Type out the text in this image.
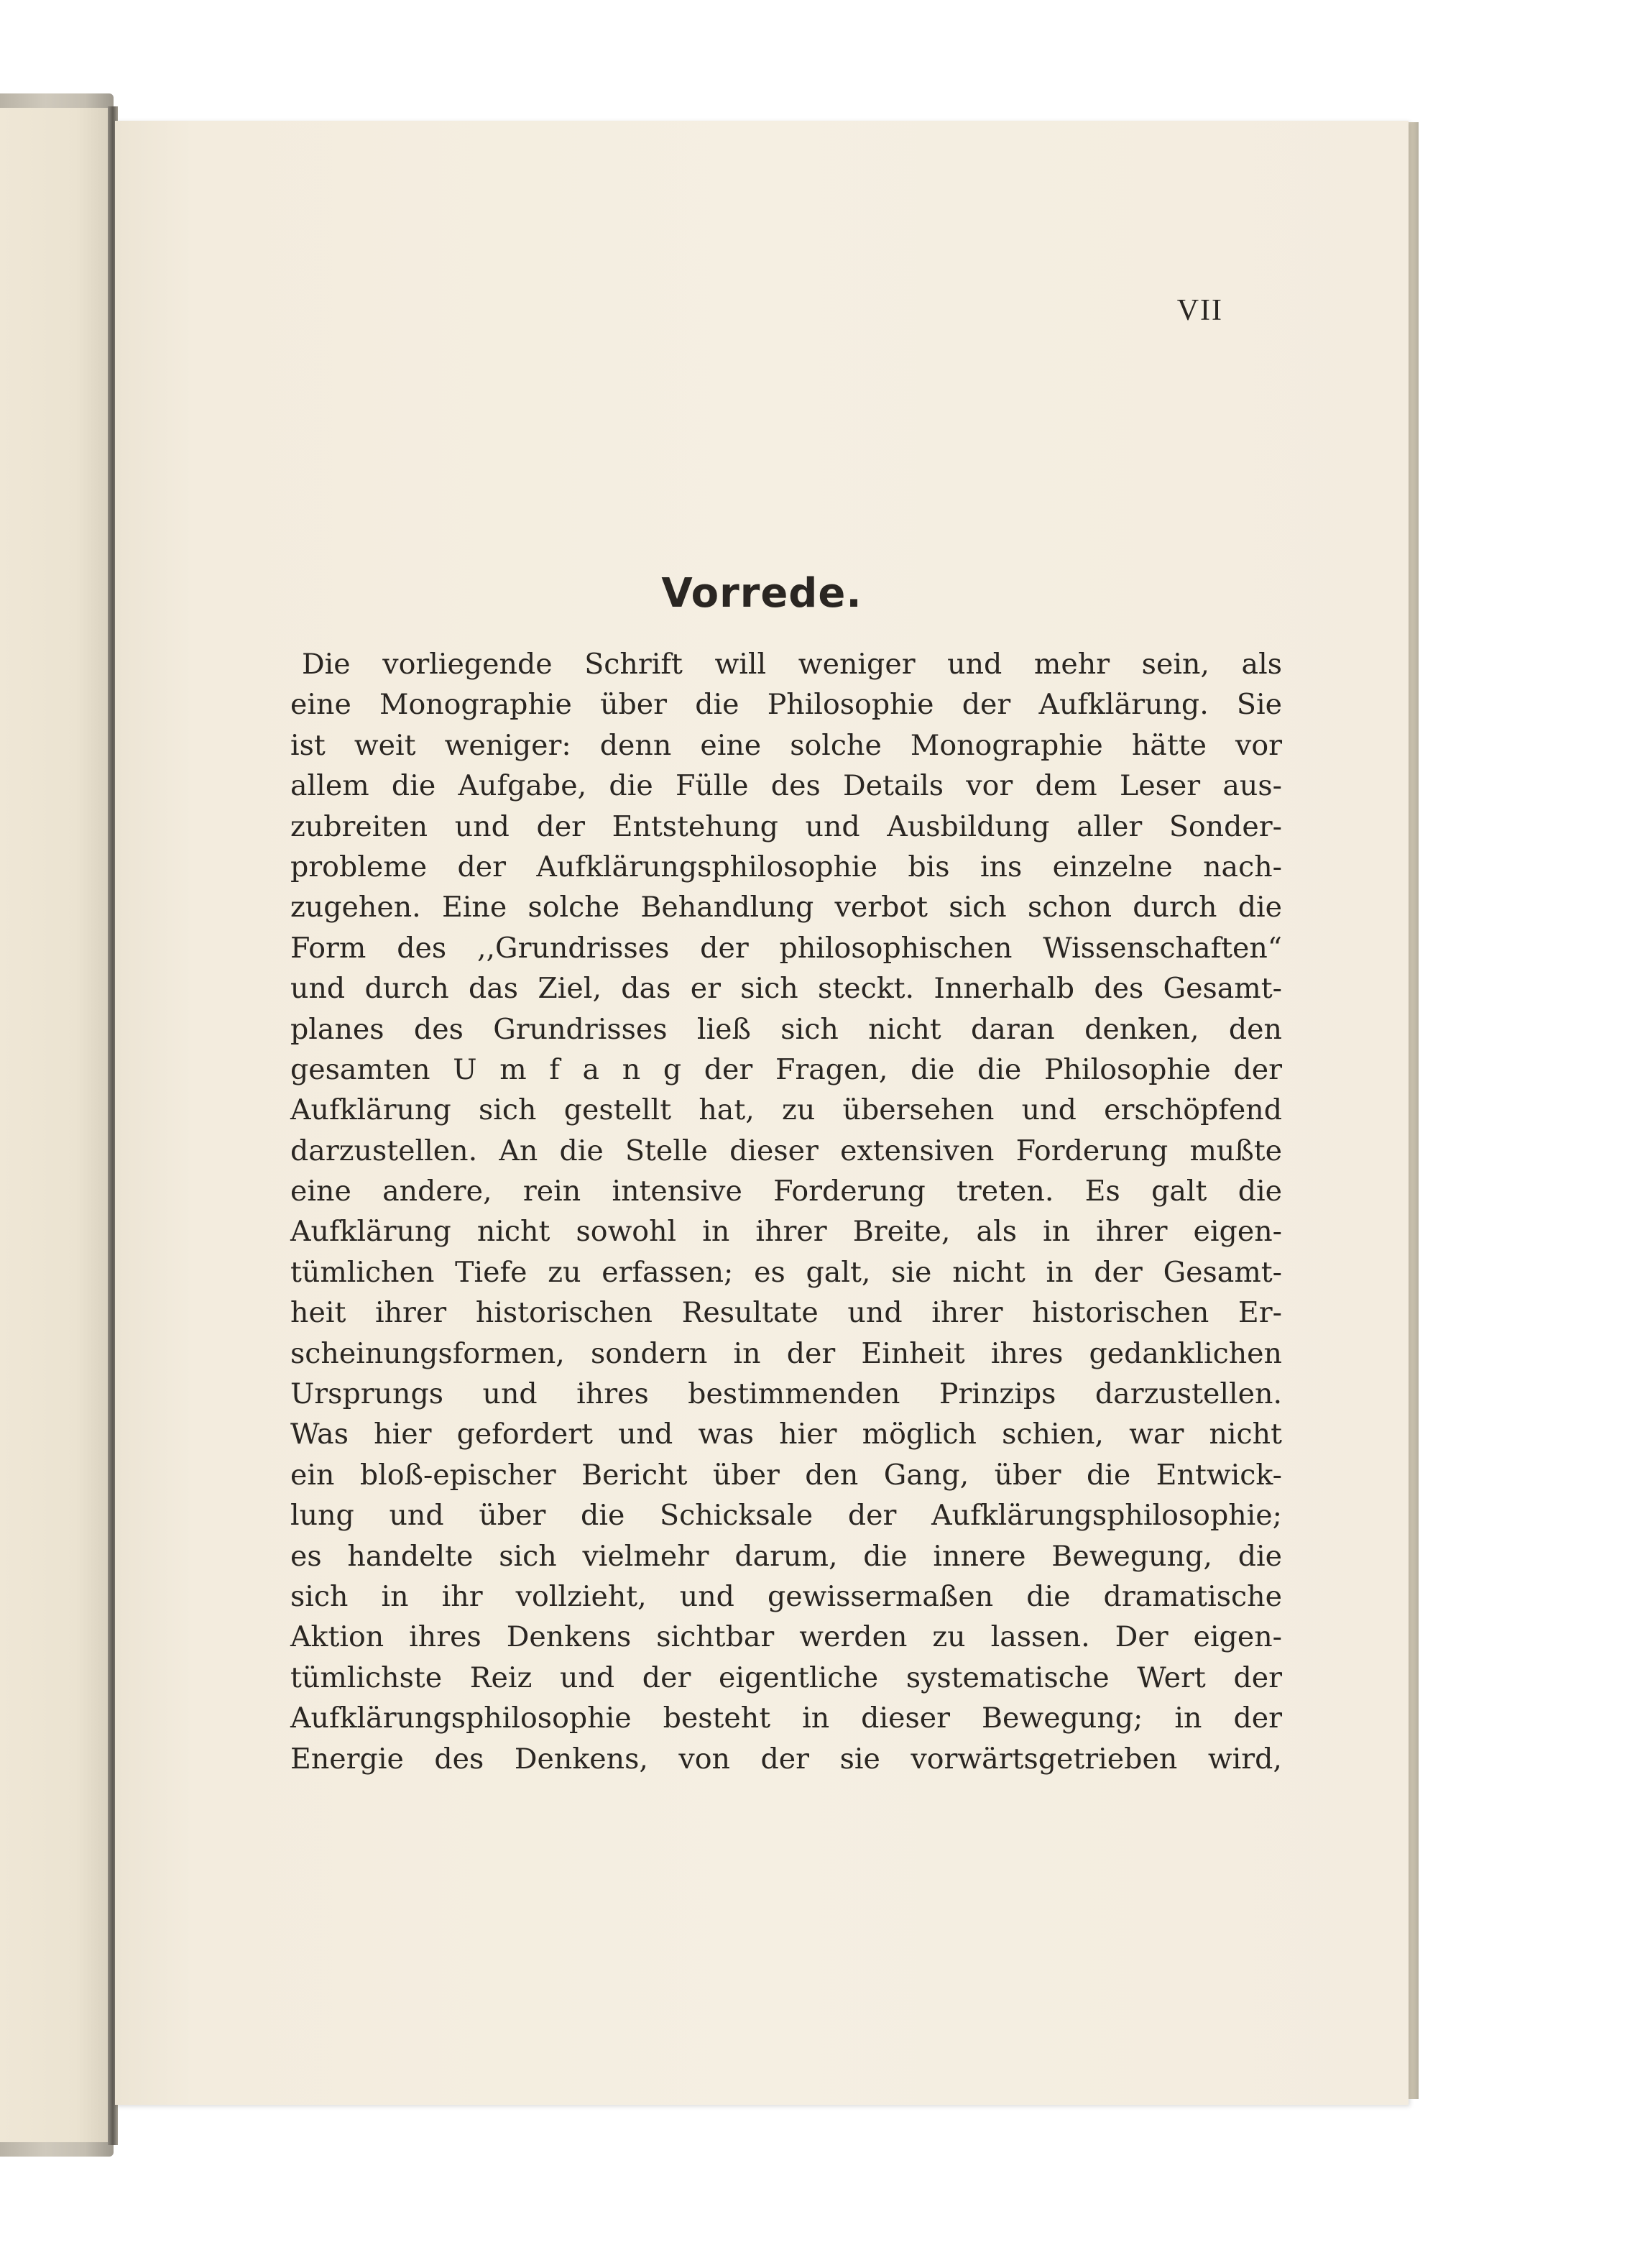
VII
Vorrede.
Die vorliegende Schrift will weniger und mehr sein, als
eine Monographie über die Philosophie der Aufklärung. Sie
ist weit weniger: denn eine solche Monographie hätte vor
allem die Aufgabe, die Fülle des Details vor dem Leser aus-
zubreiten und der Entstehung und Ausbildung aller Sonder-
probleme der Aufklärungsphilosophie bis ins einzelne nach-
zugehen. Eine solche Behandlung verbot sich schon durch die
Form des ,,Grundrisses der philosophischen Wissenschaften“
und durch das Ziel, das er sich steckt. Innerhalb des Gesamt-
planes des Grundrisses ließ sich nicht daran denken, den
gesamten U m f a n g der Fragen, die die Philosophie der
Aufklärung sich gestellt hat, zu übersehen und erschöpfend
darzustellen. An die Stelle dieser extensiven Forderung mußte
eine andere, rein intensive Forderung treten. Es galt die
Aufklärung nicht sowohl in ihrer Breite, als in ihrer eigen-
tümlichen Tiefe zu erfassen; es galt, sie nicht in der Gesamt-
heit ihrer historischen Resultate und ihrer historischen Er-
scheinungsformen, sondern in der Einheit ihres gedanklichen
Ursprungs und ihres bestimmenden Prinzips darzustellen.
Was hier gefordert und was hier möglich schien, war nicht
ein bloß-epischer Bericht über den Gang, über die Entwick-
lung und über die Schicksale der Aufklärungsphilosophie;
es handelte sich vielmehr darum, die innere Bewegung, die
sich in ihr vollzieht, und gewissermaßen die dramatische
Aktion ihres Denkens sichtbar werden zu lassen. Der eigen-
tümlichste Reiz und der eigentliche systematische Wert der
Aufklärungsphilosophie besteht in dieser Bewegung; in der
Energie des Denkens, von der sie vorwärtsgetrieben wird,
